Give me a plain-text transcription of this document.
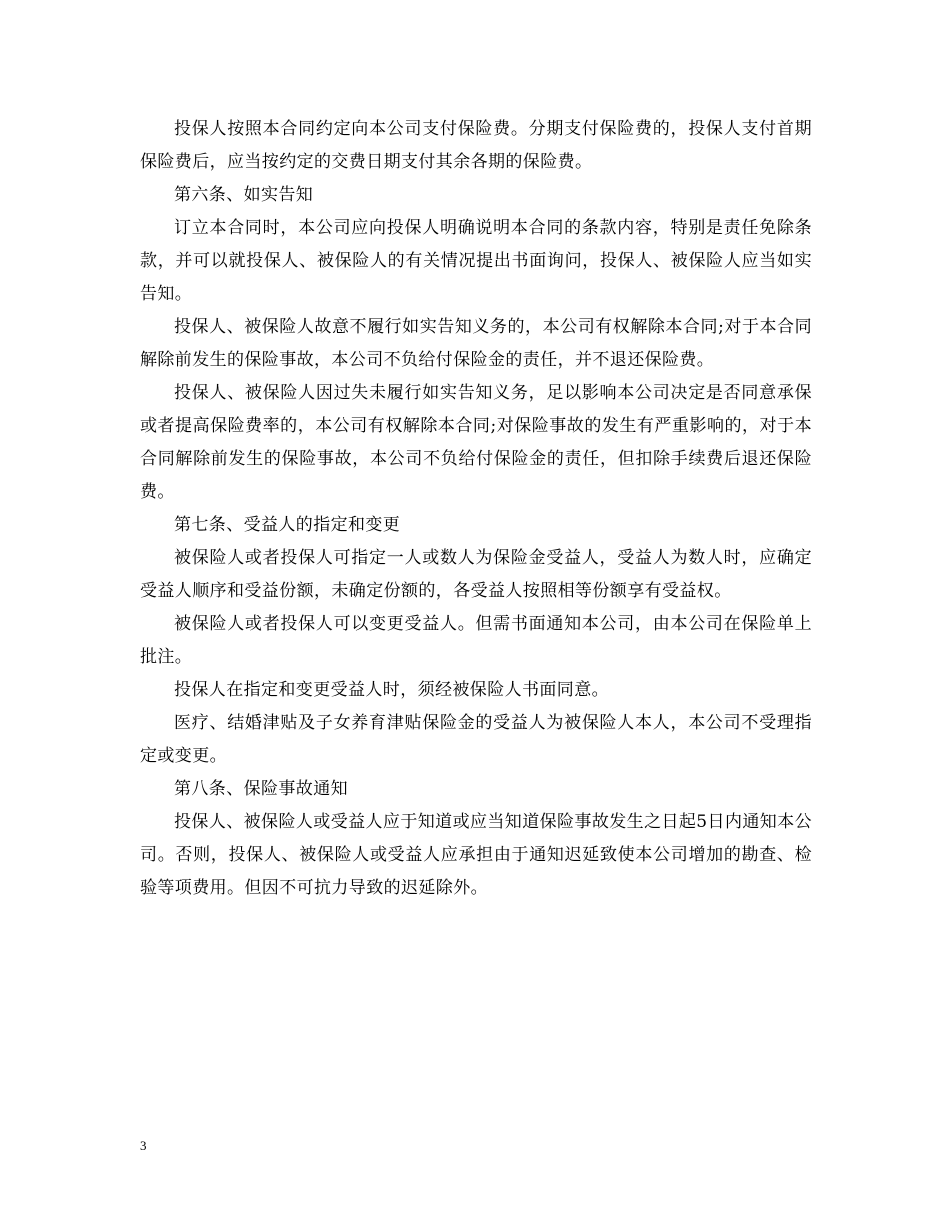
投保人按照本合同约定向本公司支付保险费。分期支付保险费的，投保人支付首期保险费后，应当按约定的交费日期支付其余各期的保险费。

第六条、如实告知

订立本合同时，本公司应向投保人明确说明本合同的条款内容，特别是责任免除条款，并可以就投保人、被保险人的有关情况提出书面询问，投保人、被保险人应当如实告知。

投保人、被保险人故意不履行如实告知义务的，本公司有权解除本合同;对于本合同解除前发生的保险事故，本公司不负给付保险金的责任，并不退还保险费。

投保人、被保险人因过失未履行如实告知义务，足以影响本公司决定是否同意承保或者提高保险费率的，本公司有权解除本合同;对保险事故的发生有严重影响的，对于本合同解除前发生的保险事故，本公司不负给付保险金的责任，但扣除手续费后退还保险费。

第七条、受益人的指定和变更

被保险人或者投保人可指定一人或数人为保险金受益人，受益人为数人时，应确定受益人顺序和受益份额，未确定份额的，各受益人按照相等份额享有受益权。

被保险人或者投保人可以变更受益人。但需书面通知本公司，由本公司在保险单上批注。

投保人在指定和变更受益人时，须经被保险人书面同意。

医疗、结婚津贴及子女养育津贴保险金的受益人为被保险人本人，本公司不受理指定或变更。

第八条、保险事故通知

投保人、被保险人或受益人应于知道或应当知道保险事故发生之日起5日内通知本公司。否则，投保人、被保险人或受益人应承担由于通知迟延致使本公司增加的勘查、检验等项费用。但因不可抗力导致的迟延除外。

3
